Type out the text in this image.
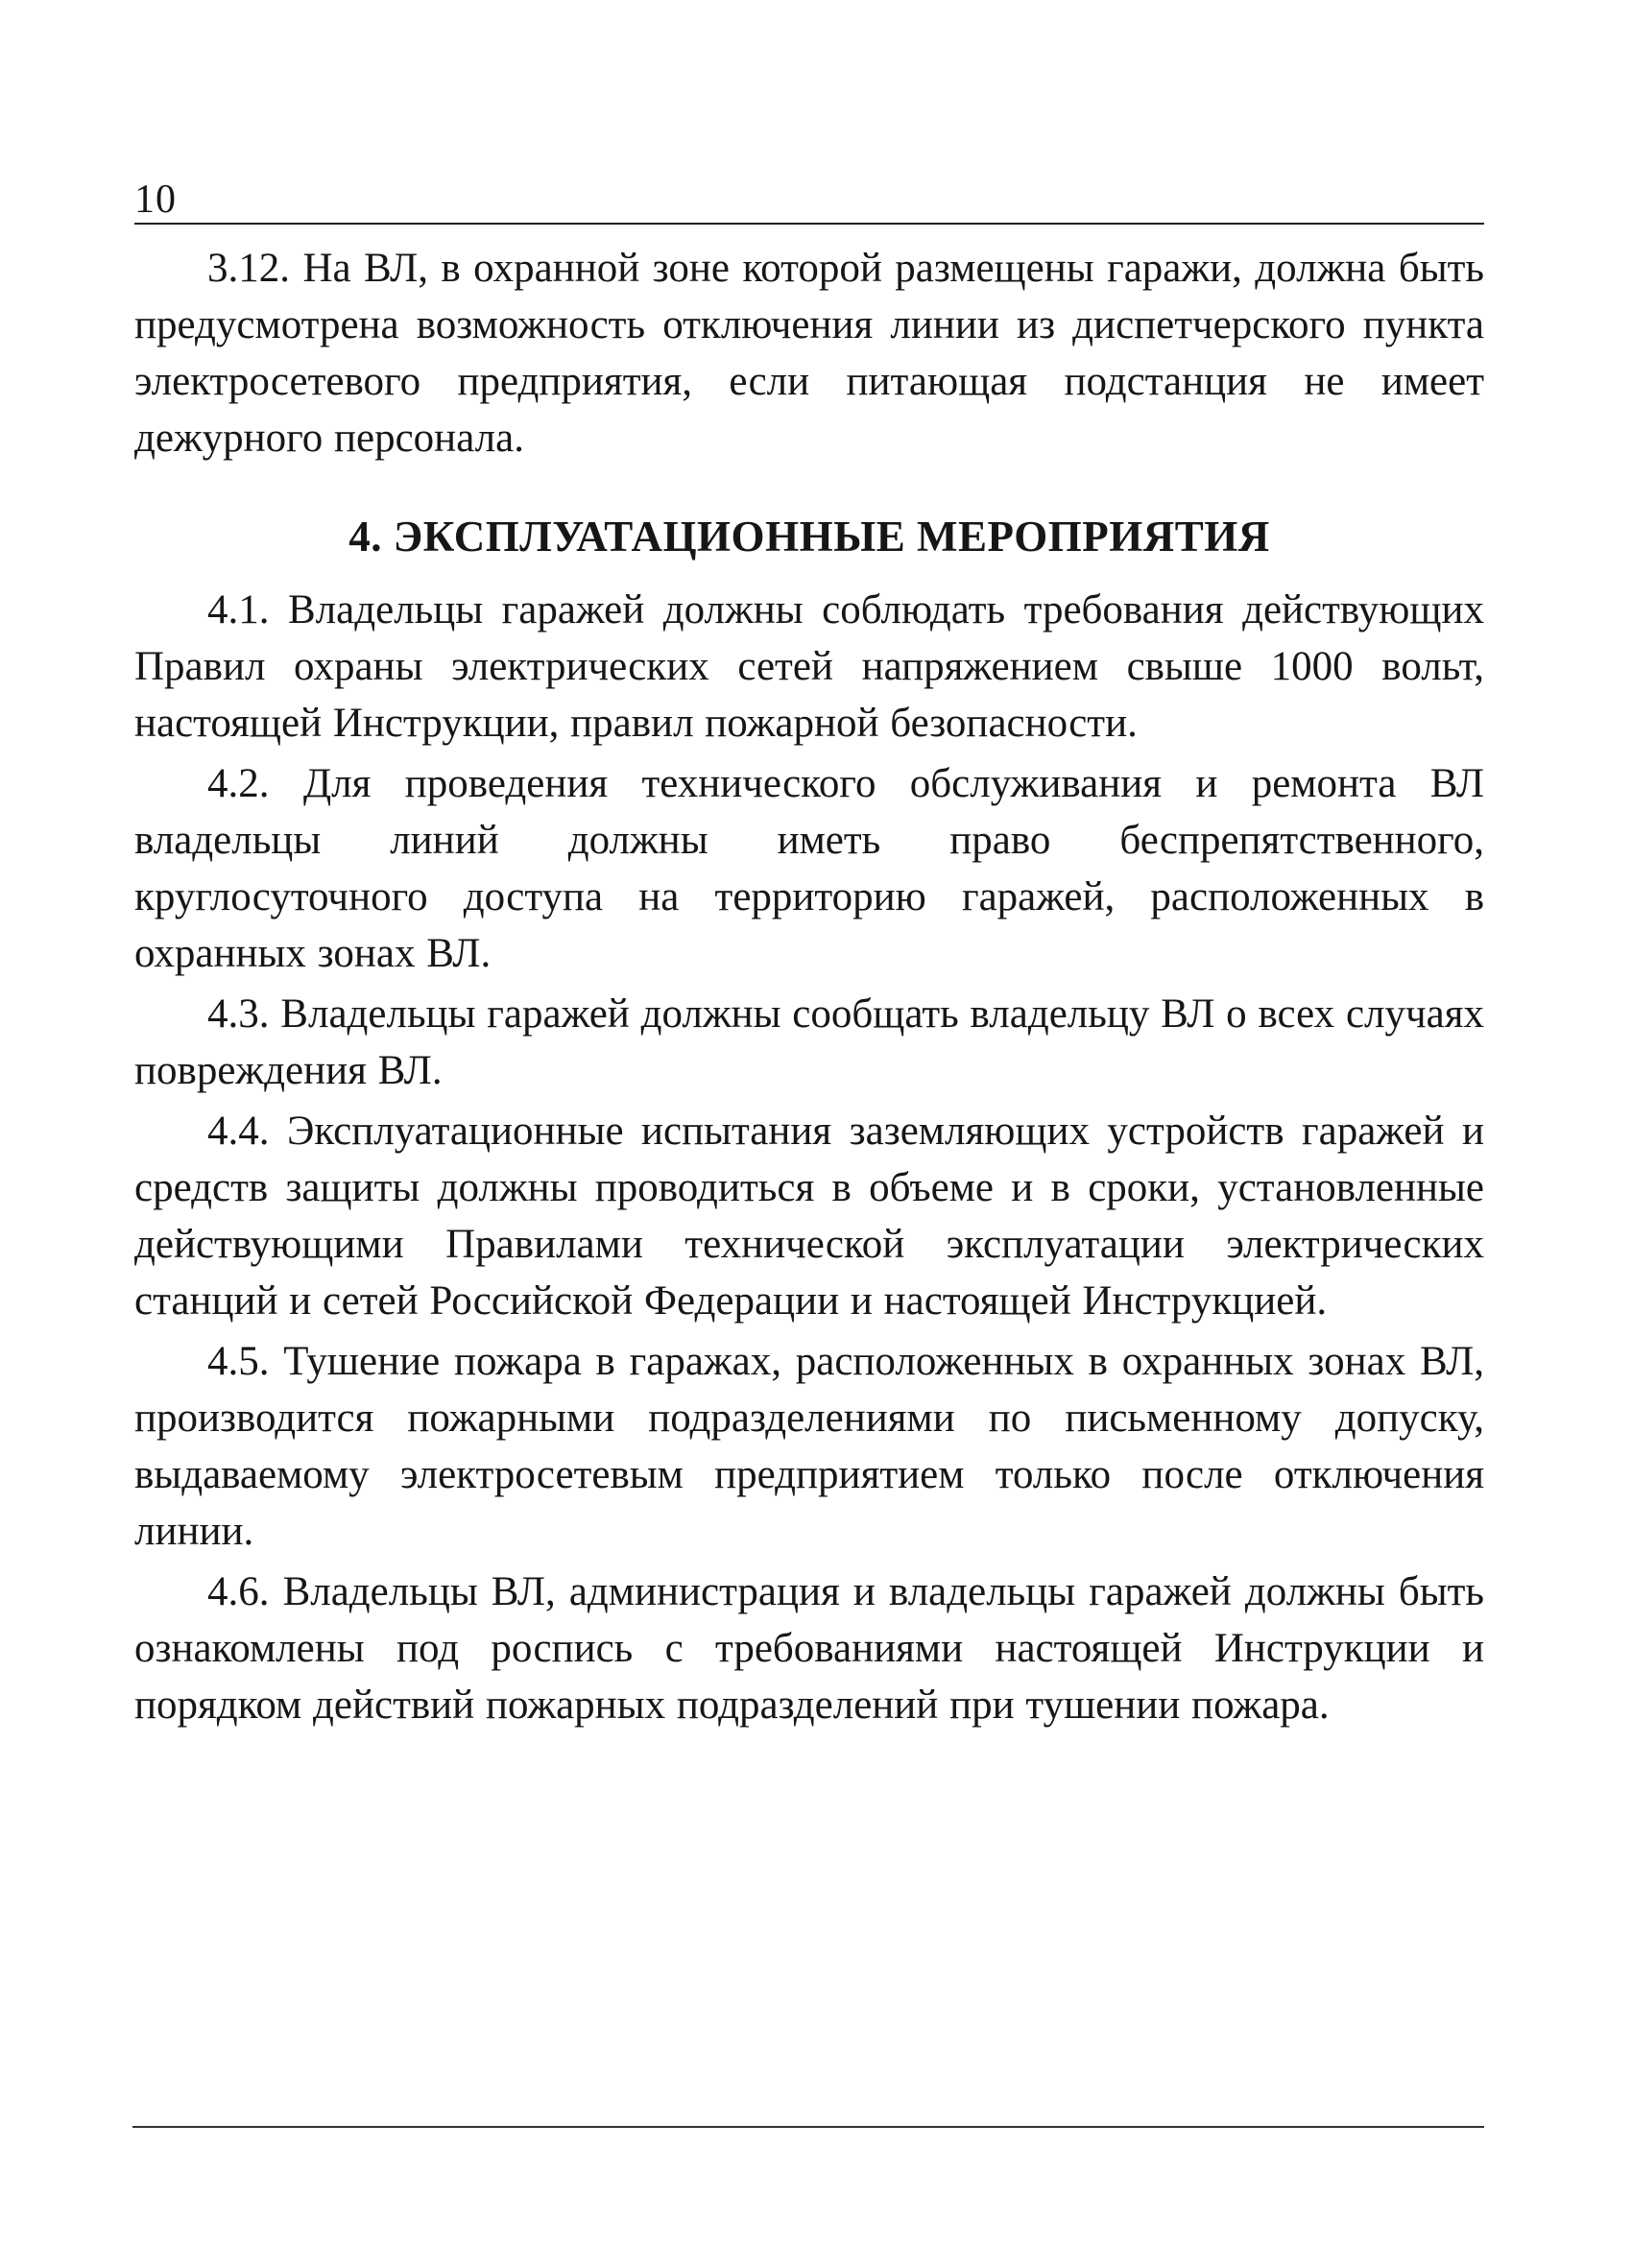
10

3.12. На ВЛ, в охранной зоне которой размещены гаражи, должна быть предусмотрена возможность отключения линии из диспетчерского пункта электросетевого предприятия, если питающая подстанция не имеет дежурного персонала.

4. ЭКСПЛУАТАЦИОННЫЕ МЕРОПРИЯТИЯ

4.1. Владельцы гаражей должны соблюдать требования действующих Правил охраны электрических сетей напряжением свыше 1000 вольт, настоящей Инструкции, правил пожарной безопасности.

4.2. Для проведения технического обслуживания и ремонта ВЛ владельцы линий должны иметь право беспрепятственного, круглосуточного доступа на территорию гаражей, расположенных в охранных зонах ВЛ.

4.3. Владельцы гаражей должны сообщать владельцу ВЛ о всех случаях повреждения ВЛ.

4.4. Эксплуатационные испытания заземляющих устройств гаражей и средств защиты должны проводиться в объеме и в сроки, установленные действующими Правилами технической эксплуатации электрических станций и сетей Российской Федерации и настоящей Инструкцией.

4.5. Тушение пожара в гаражах, расположенных в охранных зонах ВЛ, производится пожарными подразделениями по письменному допуску, выдаваемому электросетевым предприятием только после отключения линии.

4.6. Владельцы ВЛ, администрация и владельцы гаражей должны быть ознакомлены под роспись с требованиями настоящей Инструкции и порядком действий пожарных подразделений при тушении пожара.
